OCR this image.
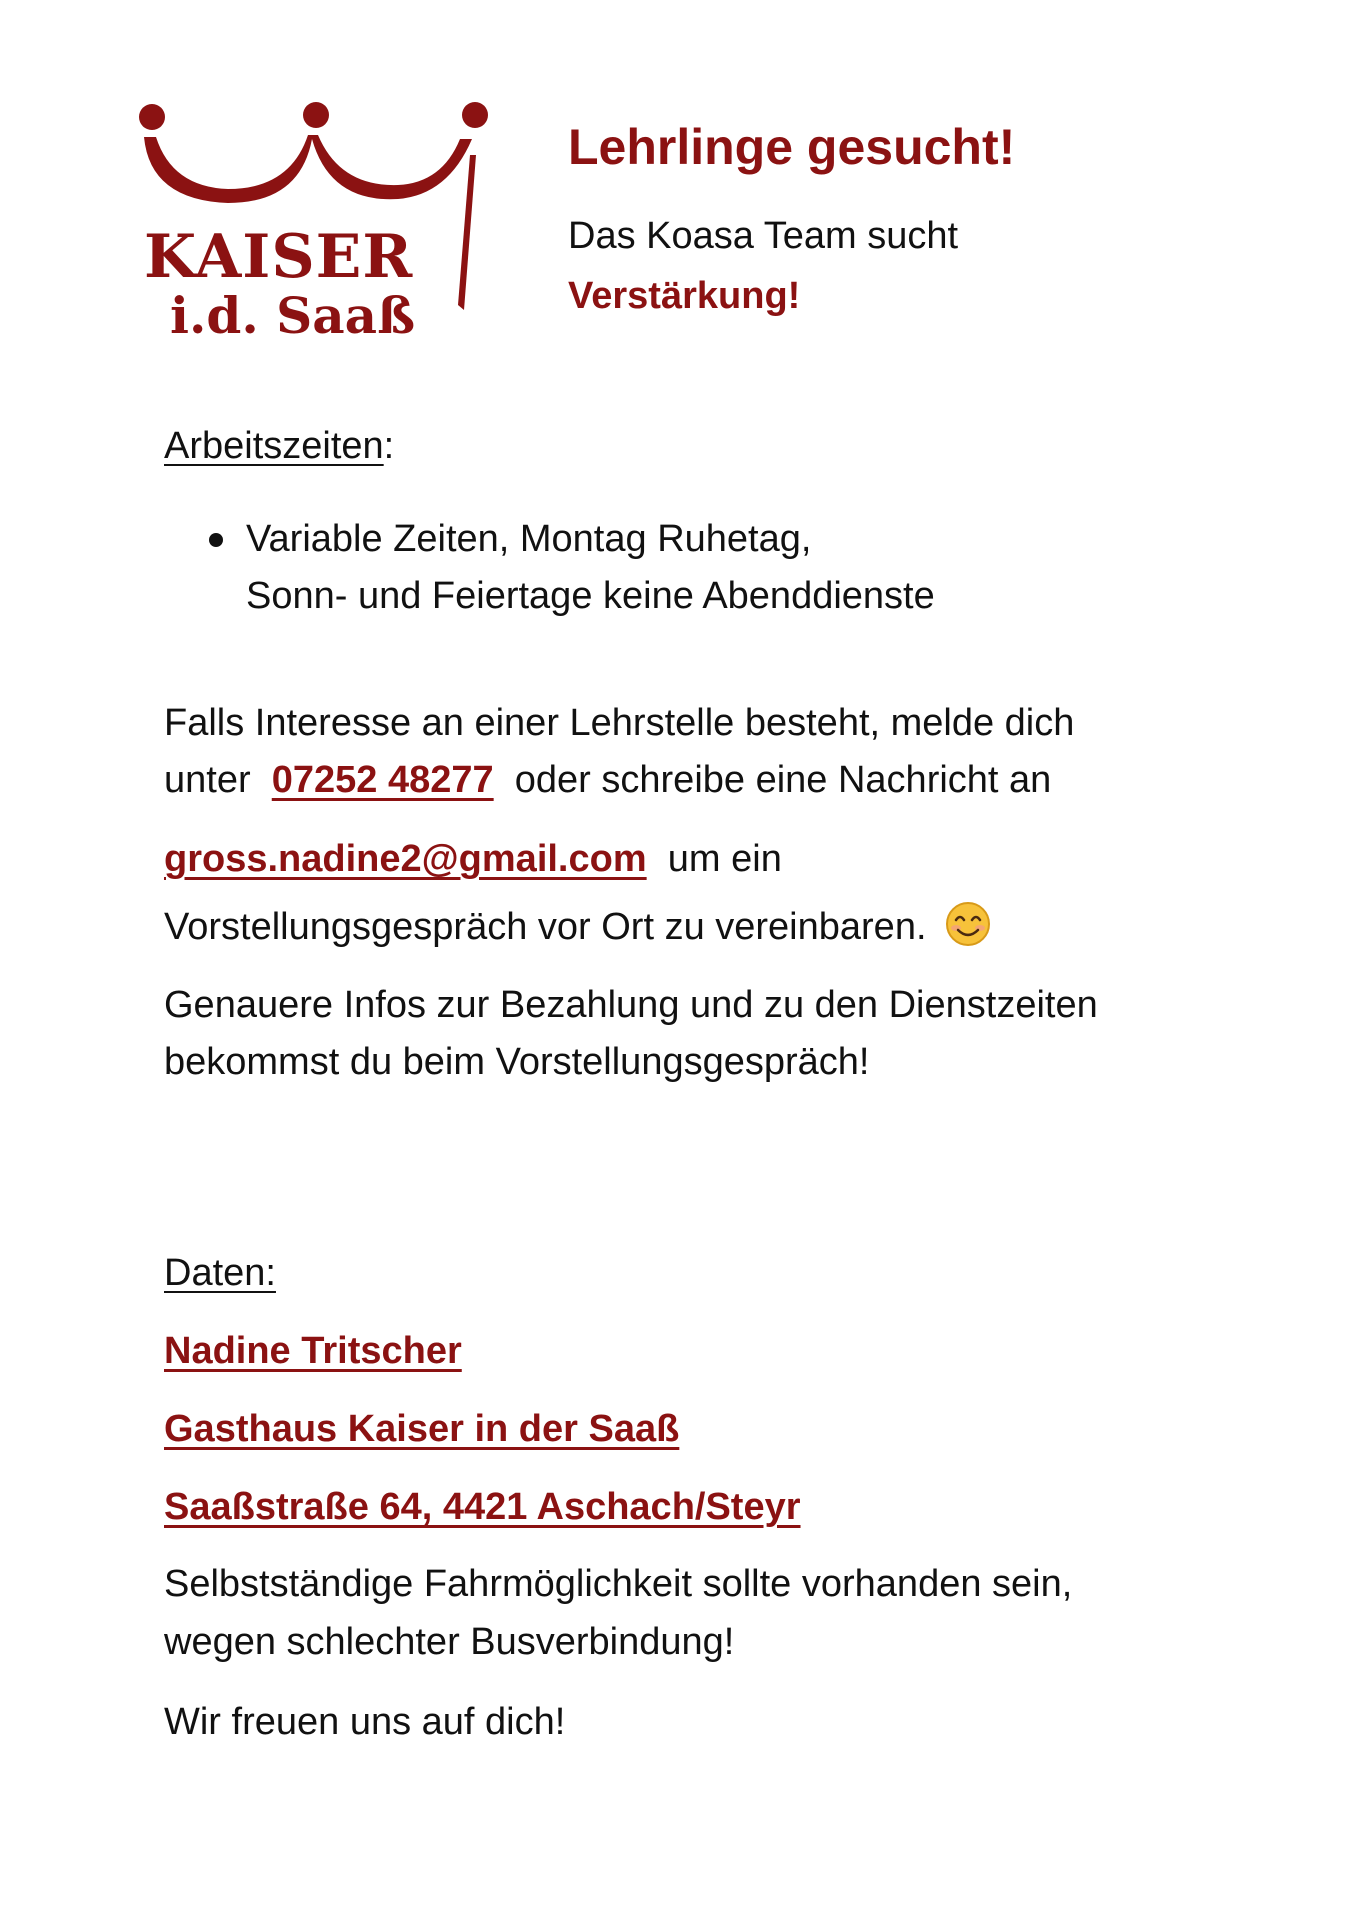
KAISER
i.d. Saaß
Lehrlinge gesucht!
Das Koasa Team sucht
Verstärkung!
Arbeitszeiten:
Variable Zeiten, Montag Ruhetag,
Sonn- und Feiertage keine Abenddienste
Falls Interesse an einer Lehrstelle besteht, melde dich
unter 07252 48277 oder schreibe eine Nachricht an
gross.nadine2@gmail.com um ein
Vorstellungsgespräch vor Ort zu vereinbaren.
Genauere Infos zur Bezahlung und zu den Dienstzeiten
bekommst du beim Vorstellungsgespräch!
Daten:
Nadine Tritscher
Gasthaus Kaiser in der Saaß
Saaßstraße 64, 4421 Aschach/Steyr
Selbstständige Fahrmöglichkeit sollte vorhanden sein,
wegen schlechter Busverbindung!
Wir freuen uns auf dich!
